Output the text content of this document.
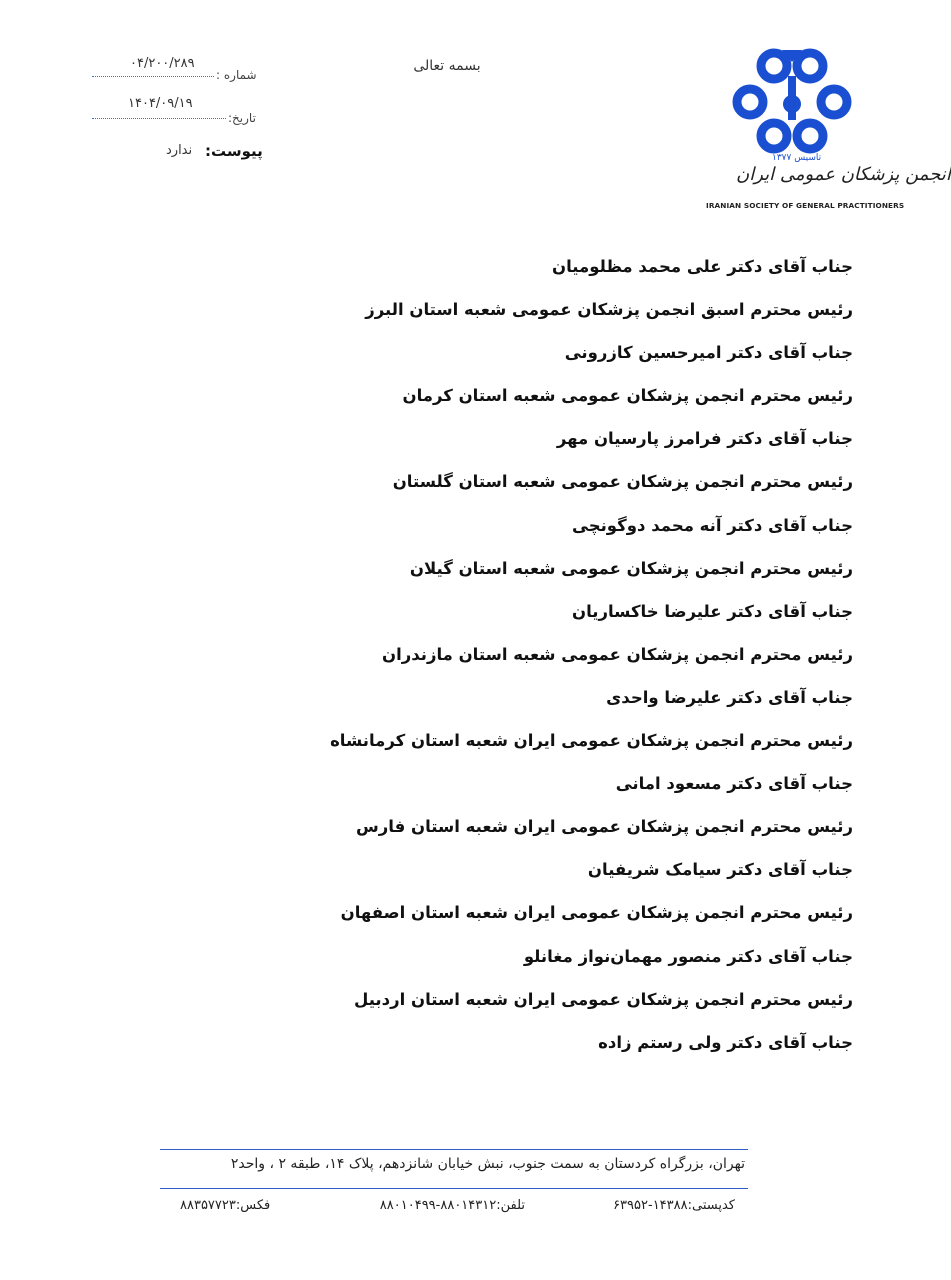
تاسیس ۱۳۷۷
انجمن پزشکان عمومی ایران
IRANIAN SOCIETY OF GENERAL PRACTITIONERS
بسمه تعالی
شماره :
۰۴/۲۰۰/۲۸۹
تاریخ:
۱۴۰۴/۰۹/۱۹
پیوست:
ندارد
جناب آقای دکتر علی محمد مظلومیان
رئیس محترم اسبق انجمن پزشکان عمومی شعبه استان البرز
جناب آقای دکتر امیرحسین کازرونی
رئیس محترم انجمن پزشکان عمومی شعبه استان کرمان
جناب آقای دکتر فرامرز پارسیان مهر
رئیس محترم انجمن پزشکان عمومی شعبه استان گلستان
جناب آقای دکتر آنه محمد دوگونچی
رئیس محترم انجمن پزشکان عمومی شعبه استان گیلان
جناب آقای دکتر علیرضا خاکساریان
رئیس محترم انجمن پزشکان عمومی شعبه استان مازندران
جناب آقای دکتر علیرضا واحدی
رئیس محترم انجمن پزشکان عمومی ایران شعبه استان کرمانشاه
جناب آقای دکتر مسعود امانی
رئیس محترم انجمن پزشکان عمومی ایران شعبه استان فارس
جناب آقای دکتر سیامک شریفیان
رئیس محترم انجمن پزشکان عمومی ایران شعبه استان اصفهان
جناب آقای دکتر منصور مهمان‌نواز مغانلو
رئیس محترم انجمن پزشکان عمومی ایران شعبه استان اردبیل
جناب آقای دکتر ولی رستم زاده
تهران، بزرگراه کردستان به سمت جنوب، نبش خیابان شانزدهم، پلاک ۱۴، طبقه ۲ ، واحد۲
کدپستی:۱۴۳۸۸-۶۳۹۵۲
تلفن:۸۸۰۱۴۳۱۲-۸۸۰۱۰۴۹۹
فکس:۸۸۳۵۷۷۲۳
